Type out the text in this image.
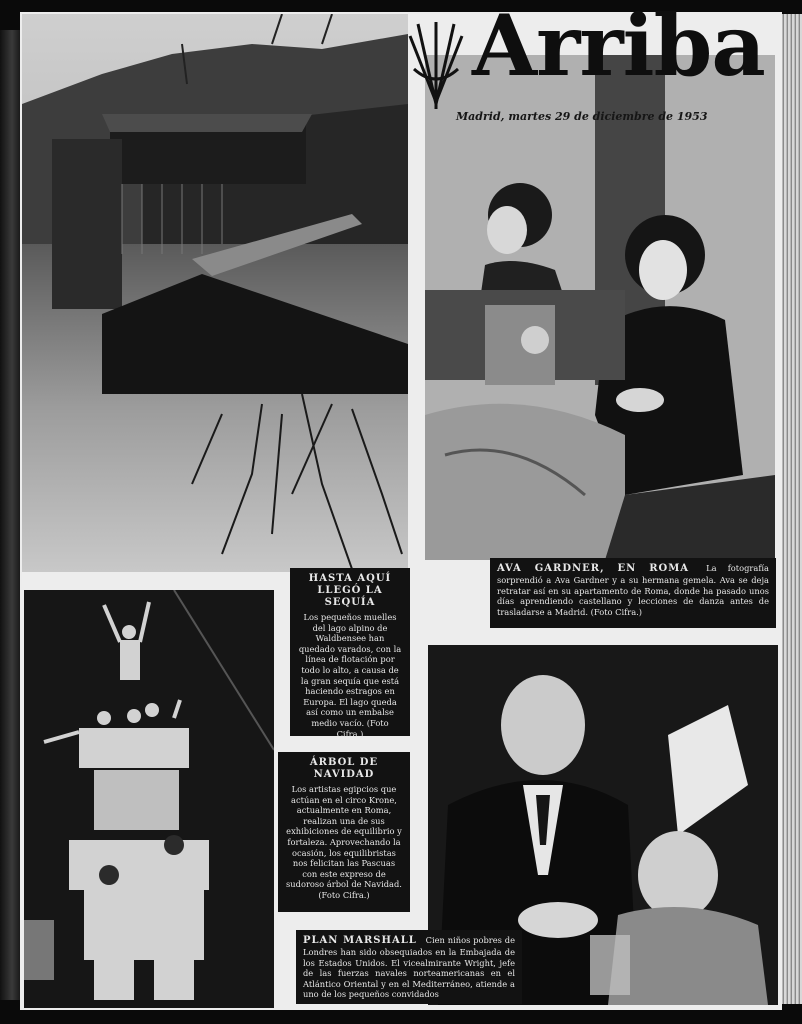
Arriba
Madrid, martes 29 de diciembre de 1953
HASTA AQUÍ LLEGÓ LA SEQUÍA
Los pequeños muelles del lago alpino de Waldbensee han quedado varados, con la línea de flotación por todo lo alto, a causa de la gran sequía que está haciendo estragos en Europa. El lago queda así como un embalse medio vacío. (Foto Cifra.)
AVA GARDNER, EN ROMA La fotografía sorprendió a Ava Gardner y a su hermana gemela. Ava se deja retratar así en su apartamento de Roma, donde ha pasado unos días aprendiendo castellano y lecciones de danza antes de trasladarse a Madrid. (Foto Cifra.)
ÁRBOL DE NAVIDAD
Los artistas egipcios que actúan en el circo Krone, actualmente en Roma, realizan una de sus exhibiciones de equilibrio y fortaleza. Aprovechando la ocasión, los equilibristas nos felicitan las Pascuas con este expreso de sudoroso árbol de Navidad. (Foto Cifra.)
PLAN MARSHALL Cien niños pobres de Londres han sido obsequiados en la Embajada de los Estados Unidos. El vicealmirante Wright, jefe de las fuerzas navales norteamericanas en el Atlántico Oriental y en el Mediterráneo, atiende a uno de los pequeños convidados
